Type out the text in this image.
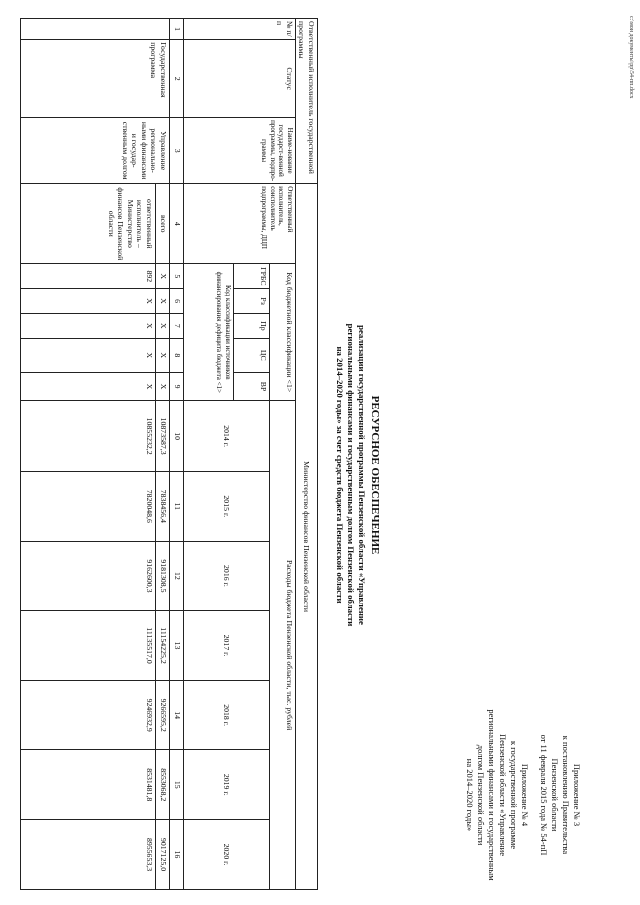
c:\мои документы\рр\54-пп.docx
Приложение № 3
к постановлению Правительства
Пензенской области
от 11 февраля 2015 года № 54-пП
Приложение № 4
к государственной программе
Пензенской области «Управление
региональными финансами и государственным
долгом Пензенской области
на 2014–2020 годы»
РЕСУРСНОЕ ОБЕСПЕЧЕНИЕ
реализации государственной программы Пензенской области «Управление
региональными финансами и государственным долгом Пензенской области
на 2014–2020 годы» за счет средств бюджета Пензенской области
Ответственный исполнитель государственной программы			Министерство финансов Пензенской области												
№ п/п	Статус	Наиме-нование государст-венной программы, подпро-граммы	Ответственный исполнитель, соисполнитель подпрограммы, ДЦП	Код бюджетной классификации <1>					Расходы бюджета Пензенской области, тыс. рублей						
				ГРБС	Рз	Пр	ЦС	ВР	2014 г.	2015 г.	2016 г.	2017 г.	2018 г.	2019 г.	2020 г.
				Код классификации источников финансирования дефицита бюджета <1>											
1	2	3	4	5	6	7	8	9	10	11	12	13	14	15	16
	Государственная программа	Управление регионально-ными финансами и государ-ственным долгом	всего	Х	Х	Х	Х	Х	10873587,3	7838456,4	9181308,5	11154225,2	9266595,2	8553068,2	9017125,0
			ответственный исполнитель – Министерство финансов Пензенской области	892	Х	Х	Х	Х	10855232,2	7820048,6	9162600,3	11135517,0	9246932,9	8531481,8	8955653,3
